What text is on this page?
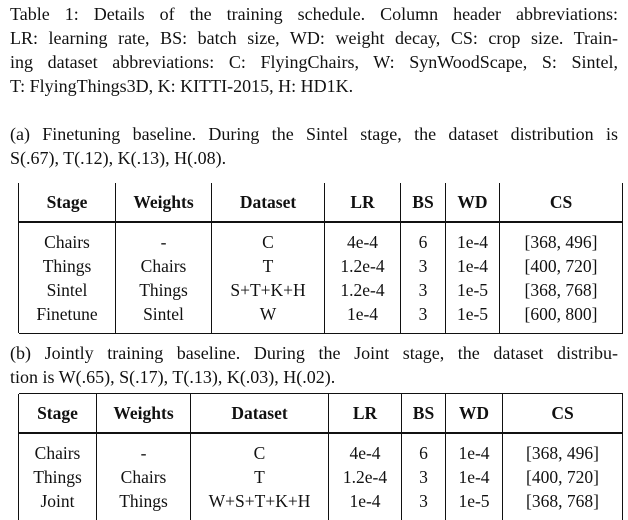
Table 1: Details of the training schedule. Column header abbreviations:
LR: learning rate, BS: batch size, WD: weight decay, CS: crop size. Train-
ing dataset abbreviations: C: FlyingChairs, W: SynWoodScape, S: Sintel,
T: FlyingThings3D, K: KITTI-2015, H: HD1K.
(a) Finetuning baseline. During the Sintel stage, the dataset distribution is
S(.67), T(.12), K(.13), H(.08).
Stage	Weights	Dataset	LR	BS	WD	CS

Chairs	-	C	4e-4	6	1e-4	[368, 496]
Things	Chairs	T	1.2e-4	3	1e-4	[400, 720]
Sintel	Things	S+T+K+H	1.2e-4	3	1e-5	[368, 768]
Finetune	Sintel	W	1e-4	3	1e-5	[600, 800]

(b) Jointly training baseline. During the Joint stage, the dataset distribu-
tion is W(.65), S(.17), T(.13), K(.03), H(.02).

Stage	Weights	Dataset	LR	BS	WD	CS

Chairs	-	C	4e-4	6	1e-4	[368, 496]
Things	Chairs	T	1.2e-4	3	1e-4	[400, 720]
Joint	Things	W+S+T+K+H	1e-4	3	1e-5	[368, 768]
